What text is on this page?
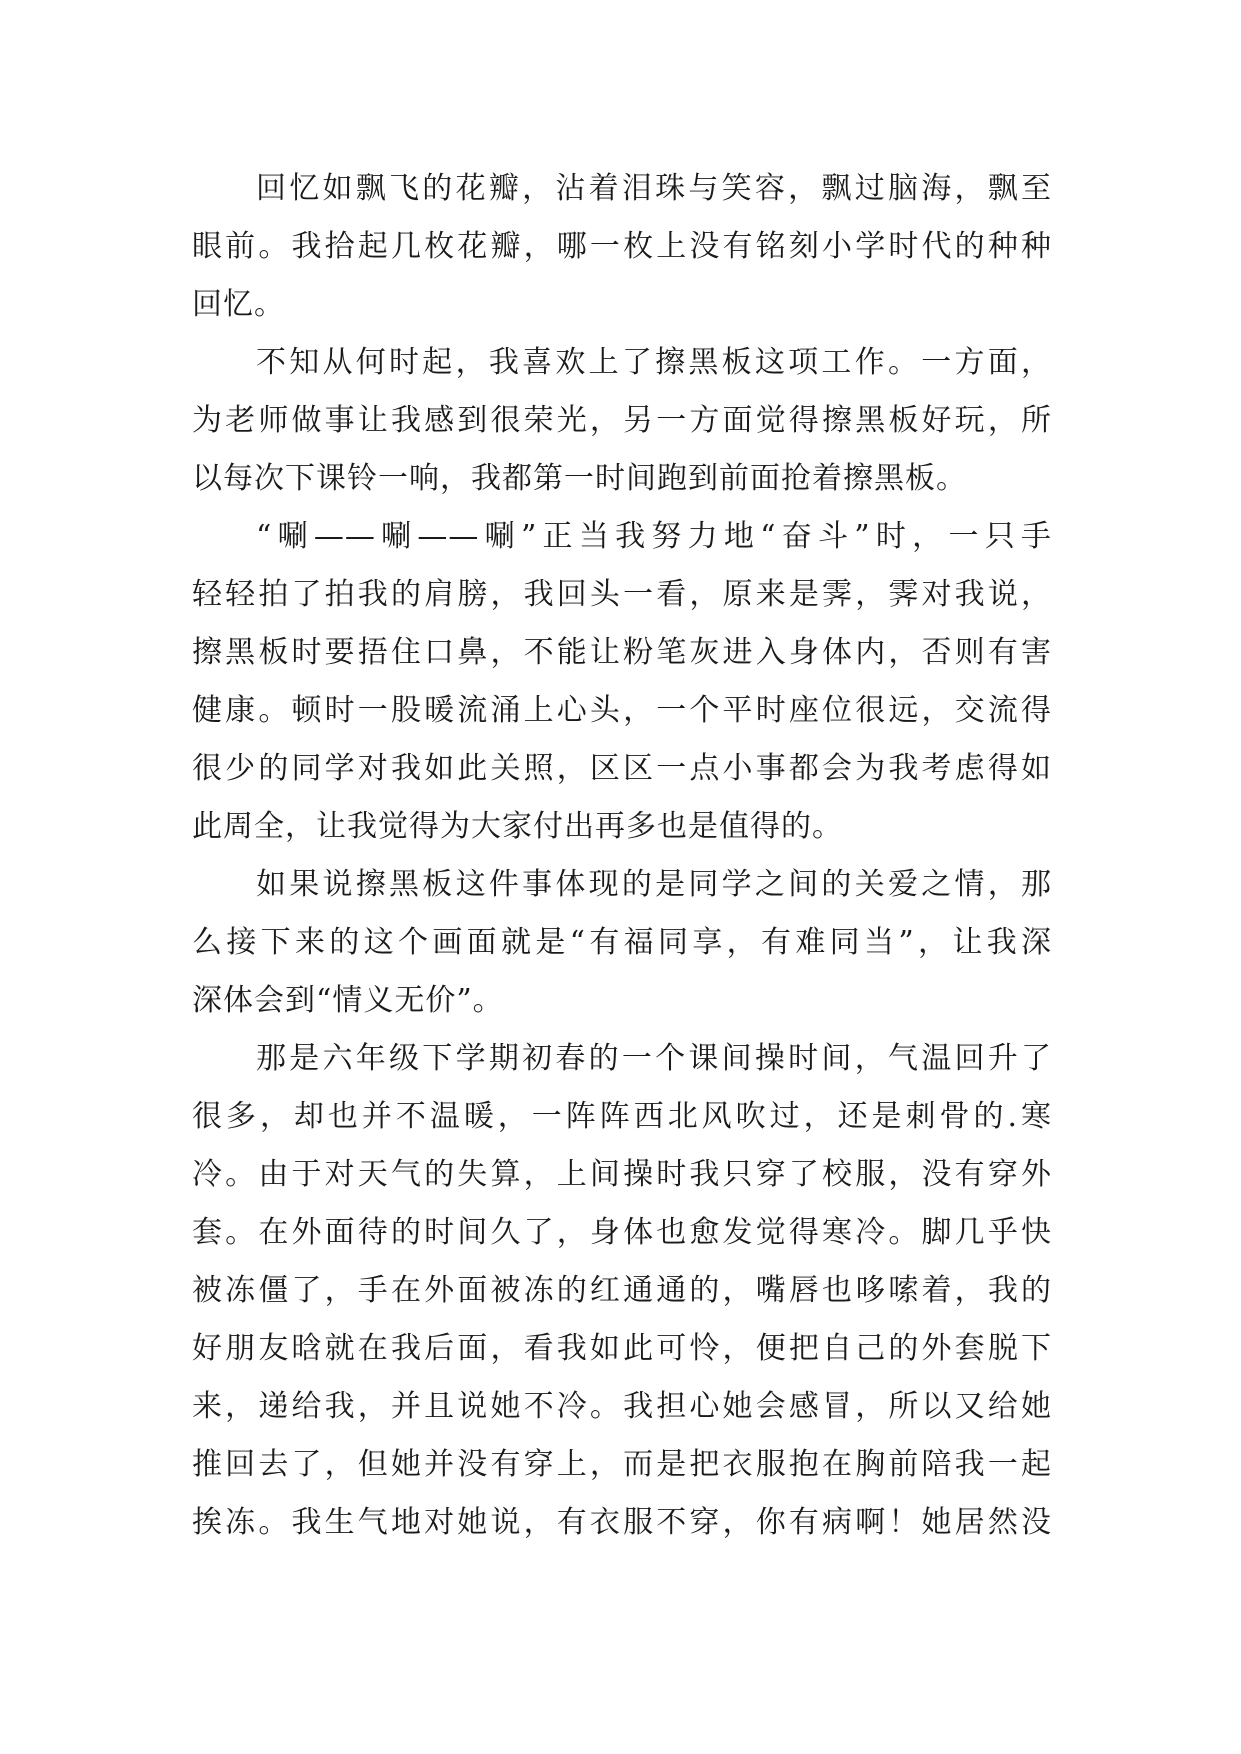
回忆如飘飞的花瓣，沾着泪珠与笑容，飘过脑海，飘至
眼前。我拾起几枚花瓣，哪一枚上没有铭刻小学时代的种种
回忆。
不知从何时起，我喜欢上了擦黑板这项工作。一方面，
为老师做事让我感到很荣光，另一方面觉得擦黑板好玩，所
以每次下课铃一响，我都第一时间跑到前面抢着擦黑板。
“唰——唰——唰”正当我努力地“奋斗”时，一只手
轻轻拍了拍我的肩膀，我回头一看，原来是霁，霁对我说，
擦黑板时要捂住口鼻，不能让粉笔灰进入身体内，否则有害
健康。顿时一股暖流涌上心头，一个平时座位很远，交流得
很少的同学对我如此关照，区区一点小事都会为我考虑得如
此周全，让我觉得为大家付出再多也是值得的。
如果说擦黑板这件事体现的是同学之间的关爱之情，那
么接下来的这个画面就是“有福同享，有难同当”，让我深
深体会到“情义无价”。
那是六年级下学期初春的一个课间操时间，气温回升了
很多，却也并不温暖，一阵阵西北风吹过，还是刺骨的.寒
冷。由于对天气的失算，上间操时我只穿了校服，没有穿外
套。在外面待的时间久了，身体也愈发觉得寒冷。脚几乎快
被冻僵了，手在外面被冻的红通通的，嘴唇也哆嗦着，我的
好朋友晗就在我后面，看我如此可怜，便把自己的外套脱下
来，递给我，并且说她不冷。我担心她会感冒，所以又给她
推回去了，但她并没有穿上，而是把衣服抱在胸前陪我一起
挨冻。我生气地对她说，有衣服不穿，你有病啊！她居然没
